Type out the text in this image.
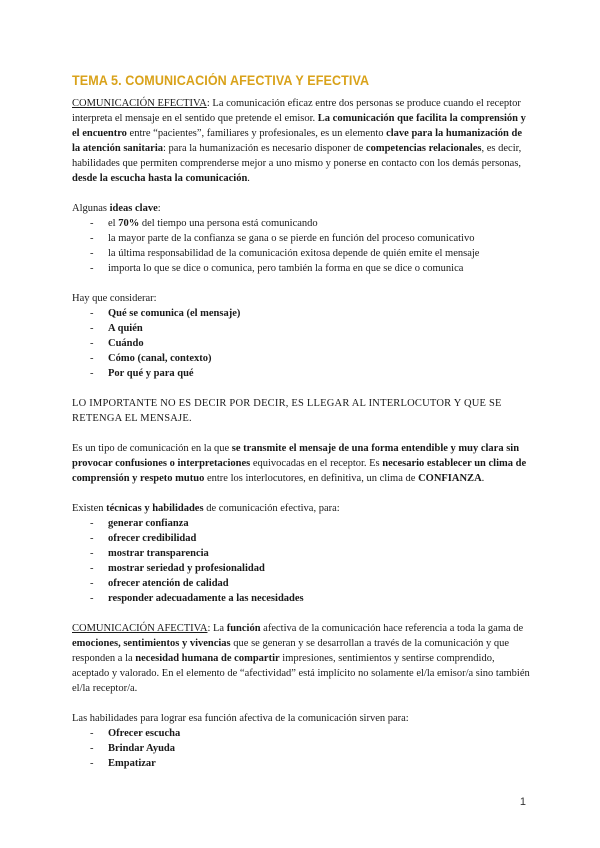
TEMA 5. COMUNICACIÓN AFECTIVA Y EFECTIVA

COMUNICACIÓN EFECTIVA: La comunicación eficaz entre dos personas se produce cuando el receptor interpreta el mensaje en el sentido que pretende el emisor. La comunicación que facilita la comprensión y el encuentro entre “pacientes”, familiares y profesionales, es un elemento clave para la humanización de la atención sanitaria: para la humanización es necesario disponer de competencias relacionales, es decir, habilidades que permiten comprenderse mejor a uno mismo y ponerse en contacto con los demás personas, desde la escucha hasta la comunicación.

Algunas ideas clave:

-	el 70% del tiempo una persona está comunicando
-	la mayor parte de la confianza se gana o se pierde en función del proceso comunicativo
-	la última responsabilidad de la comunicación exitosa depende de quién emite el mensaje
-	importa lo que se dice o comunica, pero también la forma en que se dice o comunica

Hay que considerar:

-	Qué se comunica (el mensaje)
-	A quién
-	Cuándo
-	Cómo (canal, contexto)
-	Por qué y para qué

LO IMPORTANTE NO ES DECIR POR DECIR, ES LLEGAR AL INTERLOCUTOR Y QUE SE RETENGA EL MENSAJE.

Es un tipo de comunicación en la que se transmite el mensaje de una forma entendible y muy clara sin provocar confusiones o interpretaciones equivocadas en el receptor. Es necesario establecer un clima de comprensión y respeto mutuo entre los interlocutores, en definitiva, un clima de CONFIANZA.

Existen técnicas y habilidades de comunicación efectiva, para:

-	generar confianza
-	ofrecer credibilidad
-	mostrar transparencia
-	mostrar seriedad y profesionalidad
-	ofrecer atención de calidad
-	responder adecuadamente a las necesidades

COMUNICACIÓN AFECTIVA: La función afectiva de la comunicación hace referencia a toda la gama de emociones, sentimientos y vivencias que se generan y se desarrollan a través de la comunicación y que responden a la necesidad humana de compartir impresiones, sentimientos y sentirse comprendido, aceptado y valorado. En el elemento de “afectividad” está implícito no solamente el/la emisor/a sino también el/la receptor/a.

Las habilidades para lograr esa función afectiva de la comunicación sirven para:

-	Ofrecer escucha
-	Brindar Ayuda
-	Empatizar
1
